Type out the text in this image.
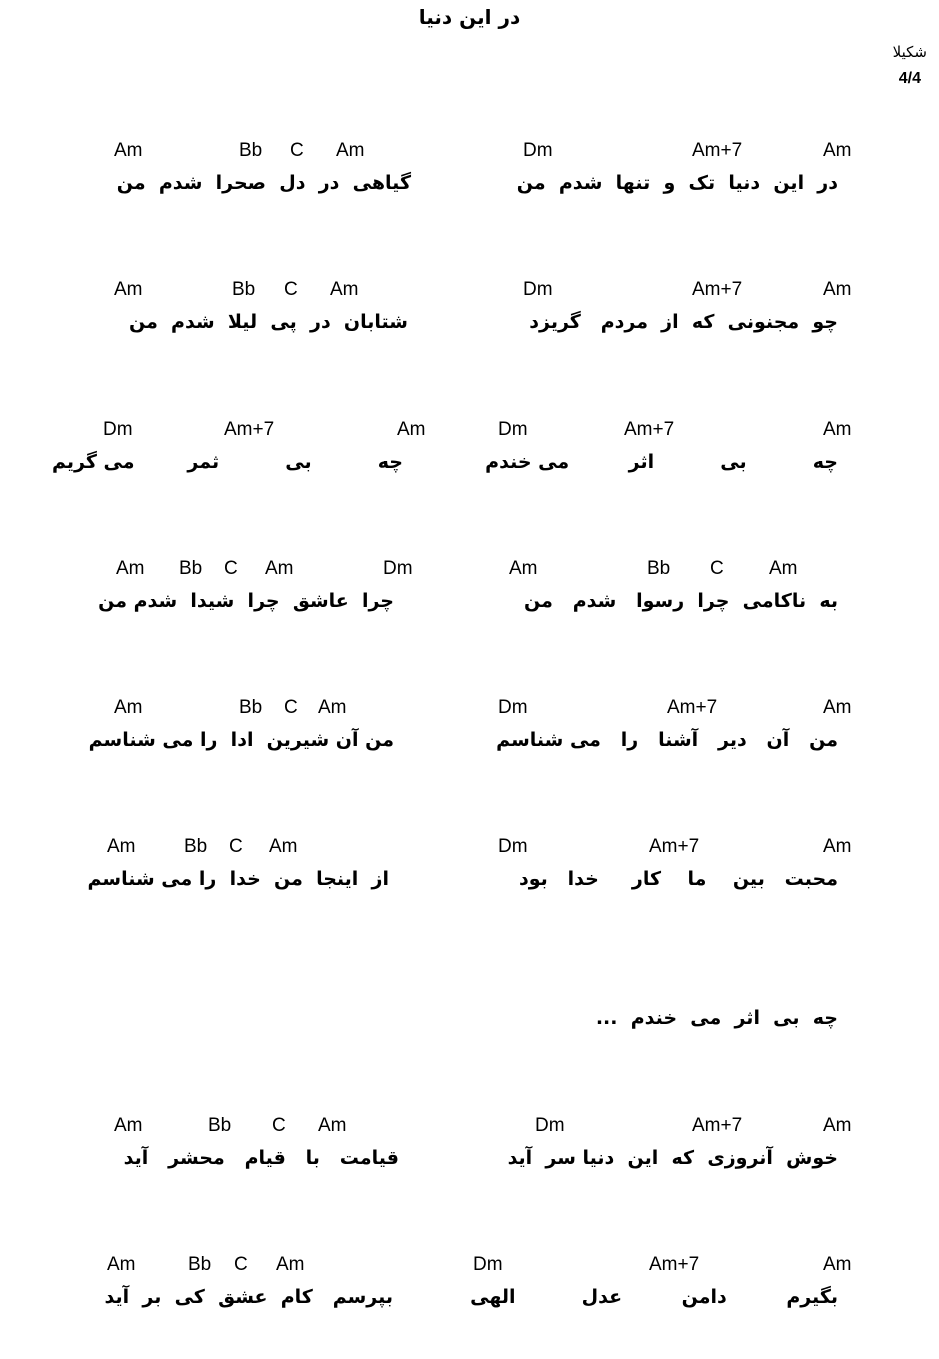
در این دنیا
شکیلا
4/4
Am
Am+7
Dm
در  این  دنیا  تک  و  تنها  شدم  من
Am
C
Bb
Am
گیاهی  در  دل  صحرا  شدم  من
Am
Am+7
Dm
چو  مجنونی  که  از  مردم   گریزد
Am
C
Bb
Am
شتابان  در  پی  لیلا  شدم  من
Am
Am+7
Dm
چه          بی          اثر         می خندم
Am
Am+7
Dm
چه          بی          ثمر        می گریم
Am
C
Bb
Am
به  ناکامی  چرا  رسوا   شدم   من
Dm
Am
C
Bb
Am
چرا  عاشق  چرا  شیدا  شدم من
Am
Am+7
Dm
من   آن   دیر   آشنا   را   می شناسم
Am
C
Bb
Am
من آن شیرین  ادا  را می شناسم
Am
Am+7
Dm
محبت   بین    ما    کار     خدا   بود
Am
C
Bb
Am
از  اینجا  من  خدا  را می شناسم
چه  بی  اثر  می  خندم  ...
Am
Am+7
Dm
خوش  آنروزی  که  این  دنیا سر  آید
Am
C
Bb
Am
قیامت   با   قیام   محشر   آید
Am
Am+7
Dm
بگیرم         دامن         عدل          الهی
Am
C
Bb
Am
بپرسم   کام  عشق  کی  بر  آید
